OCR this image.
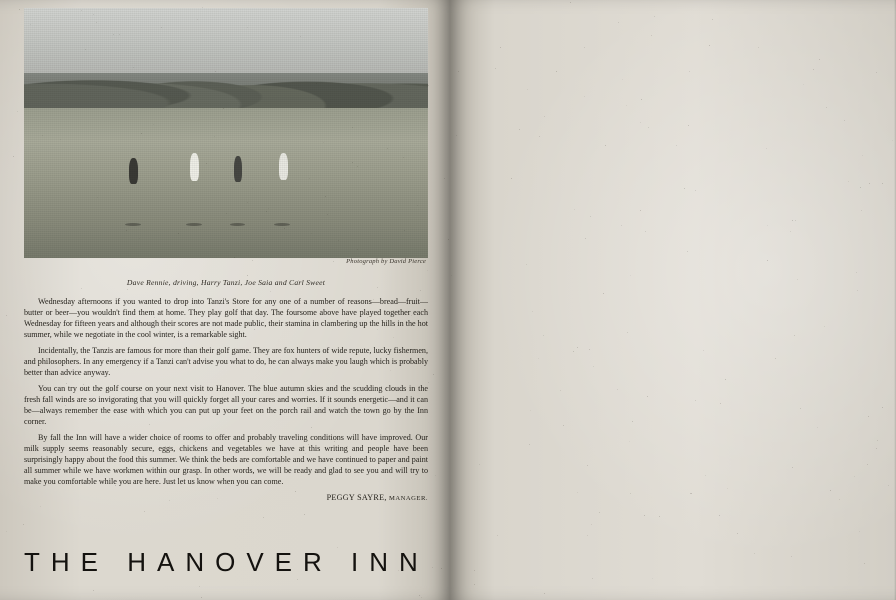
Photograph by David Pierce
Dave Rennie, driving, Harry Tanzi, Joe Saia and Carl Sweet

Wednesday afternoons if you wanted to drop into Tanzi's Store for any one of a number of reasons—bread—fruit—butter or beer—you wouldn't find them at home. They play golf that day. The foursome above have played together each Wednesday for fifteen years and although their scores are not made public, their stamina in clambering up the hills in the hot summer, while we negotiate in the cool winter, is a remarkable sight.

Incidentally, the Tanzis are famous for more than their golf game. They are fox hunters of wide repute, lucky fishermen, and philosophers. In any emergency if a Tanzi can't advise you what to do, he can always make you laugh which is probably better than advice anyway.

You can try out the golf course on your next visit to Hanover. The blue autumn skies and the scudding clouds in the fresh fall winds are so invigorating that you will quickly forget all your cares and worries. If it sounds energetic—and it can be—always remember the ease with which you can put up your feet on the porch rail and watch the town go by the Inn corner.

By fall the Inn will have a wider choice of rooms to offer and probably traveling conditions will have improved. Our milk supply seems reasonably secure, eggs, chickens and vegetables we have at this writing and people have been surprisingly happy about the food this summer. We think the beds are comfortable and we have continued to paper and paint all summer while we have workmen within our grasp. In other words, we will be ready and glad to see you and will try to make you comfortable while you are here. Just let us know when you can come.

PEGGY SAYRE, MANAGER.
THE HANOVER INN
